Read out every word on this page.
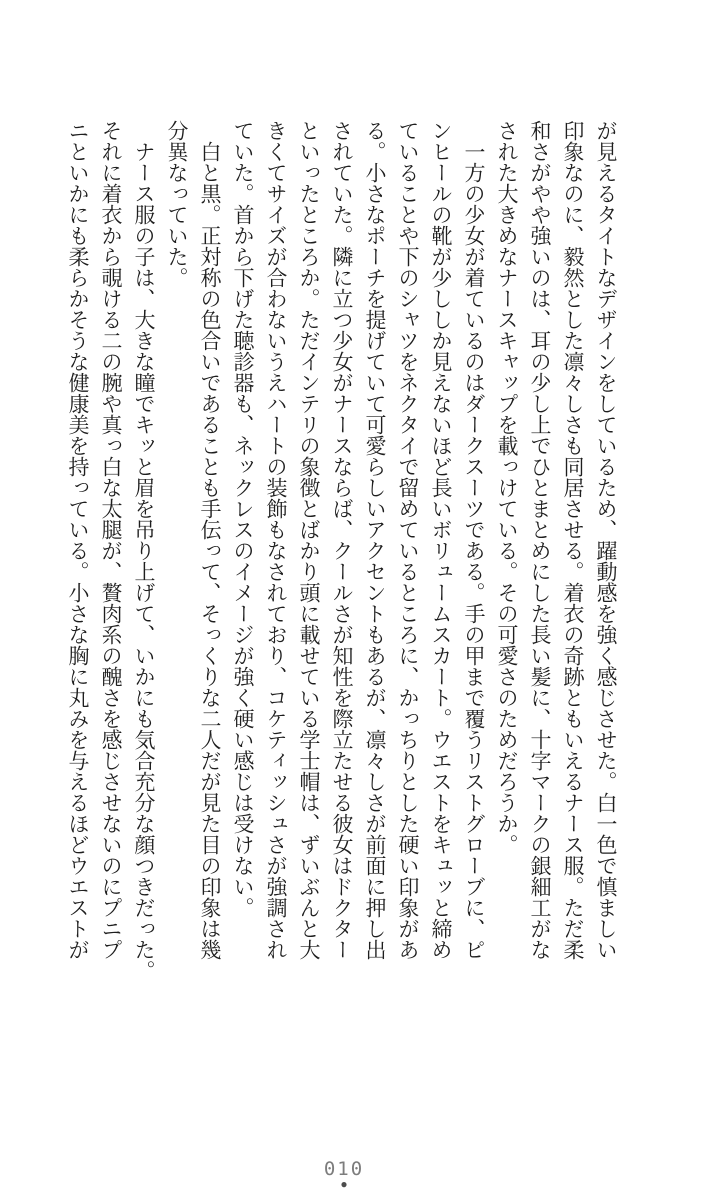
が見えるタイトなデザインをしているため、躍動感を強く感じさせた。白一色で慎ましい
印象なのに、毅然とした凛々しさも同居させる。着衣の奇跡ともいえるナース服。ただ柔
和さがやや強いのは、耳の少し上でひとまとめにした長い髪に、十字マークの銀細工がな
された大きめなナースキャップを載っけている。その可愛さのためだろうか。
　一方の少女が着ているのはダークスーツである。手の甲まで覆うリストグローブに、ピ
ンヒールの靴が少ししか見えないほど長いボリュームスカート。ウエストをキュッと締め
ていることや下のシャツをネクタイで留めているところに、かっちりとした硬い印象があ
る。小さなポーチを提げていて可愛らしいアクセントもあるが、凛々しさが前面に押し出
されていた。隣に立つ少女がナースならば、クールさが知性を際立たせる彼女はドクター
といったところか。ただインテリの象徴とばかり頭に載せている学士帽は、ずいぶんと大
きくてサイズが合わないうえハートの装飾もなされており、コケティッシュさが強調され
ていた。首から下げた聴診器も、ネックレスのイメージが強く硬い感じは受けない。
　白と黒。正対称の色合いであることも手伝って、そっくりな二人だが見た目の印象は幾
分異なっていた。
　ナース服の子は、大きな瞳でキッと眉を吊り上げて、いかにも気合充分な顔つきだった。
それに着衣から覗ける二の腕や真っ白な太腿が、贅肉系の醜さを感じさせないのにプニプ
ニといかにも柔らかそうな健康美を持っている。小さな胸に丸みを与えるほどウエストが
010
●
